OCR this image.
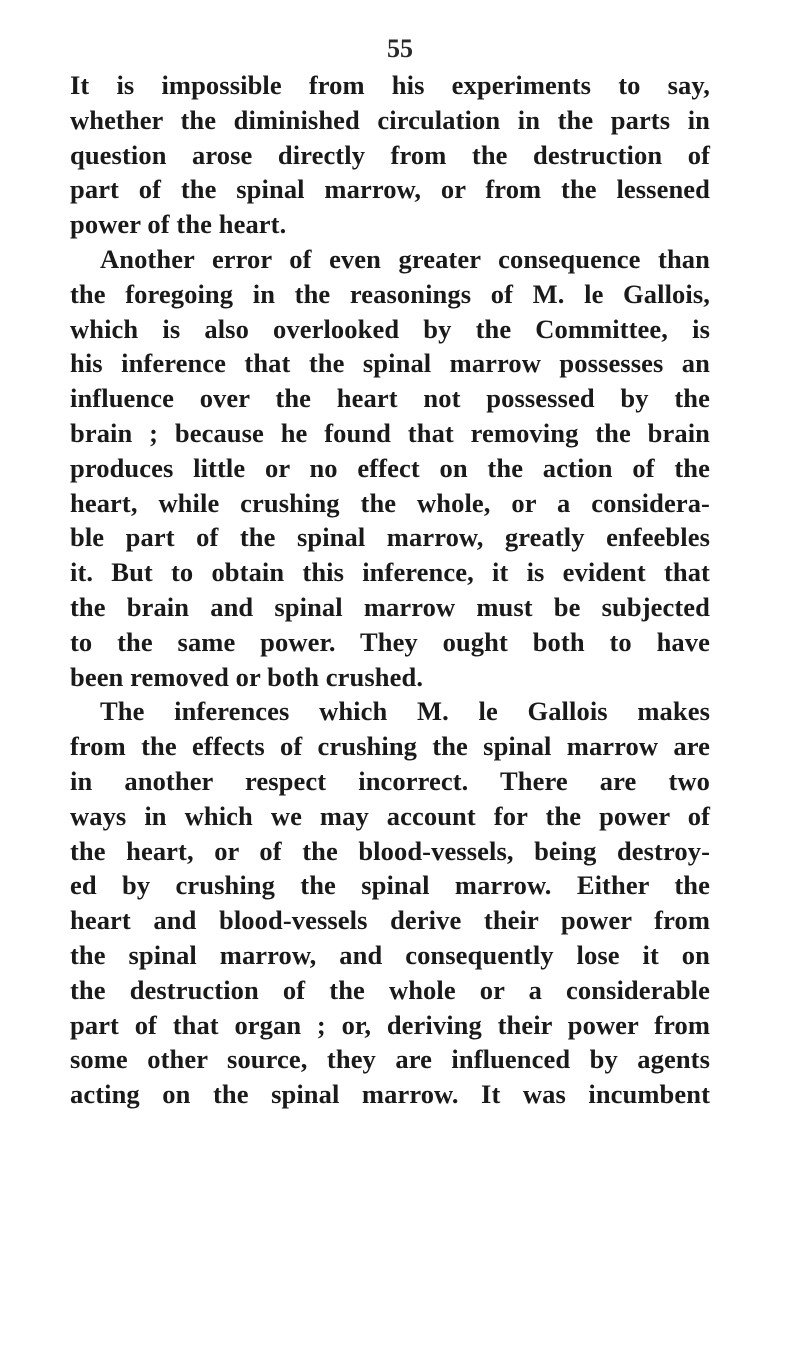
55
It is impossible from his experiments to say,
whether the diminished circulation in the parts in
question arose directly from the destruction of
part of the spinal marrow, or from the lessened
power of the heart.
Another error of even greater consequence than
the foregoing in the reasonings of M. le Gallois,
which is also overlooked by the Committee, is
his inference that the spinal marrow possesses an
influence over the heart not possessed by the
brain ; because he found that removing the brain
produces little or no effect on the action of the
heart, while crushing the whole, or a considera-
ble part of the spinal marrow, greatly enfeebles
it. But to obtain this inference, it is evident that
the brain and spinal marrow must be subjected
to the same power. They ought both to have
been removed or both crushed.
The inferences which M. le Gallois makes
from the effects of crushing the spinal marrow are
in another respect incorrect. There are two
ways in which we may account for the power of
the heart, or of the blood-vessels, being destroy-
ed by crushing the spinal marrow. Either the
heart and blood-vessels derive their power from
the spinal marrow, and consequently lose it on
the destruction of the whole or a considerable
part of that organ ; or, deriving their power from
some other source, they are influenced by agents
acting on the spinal marrow. It was incumbent
